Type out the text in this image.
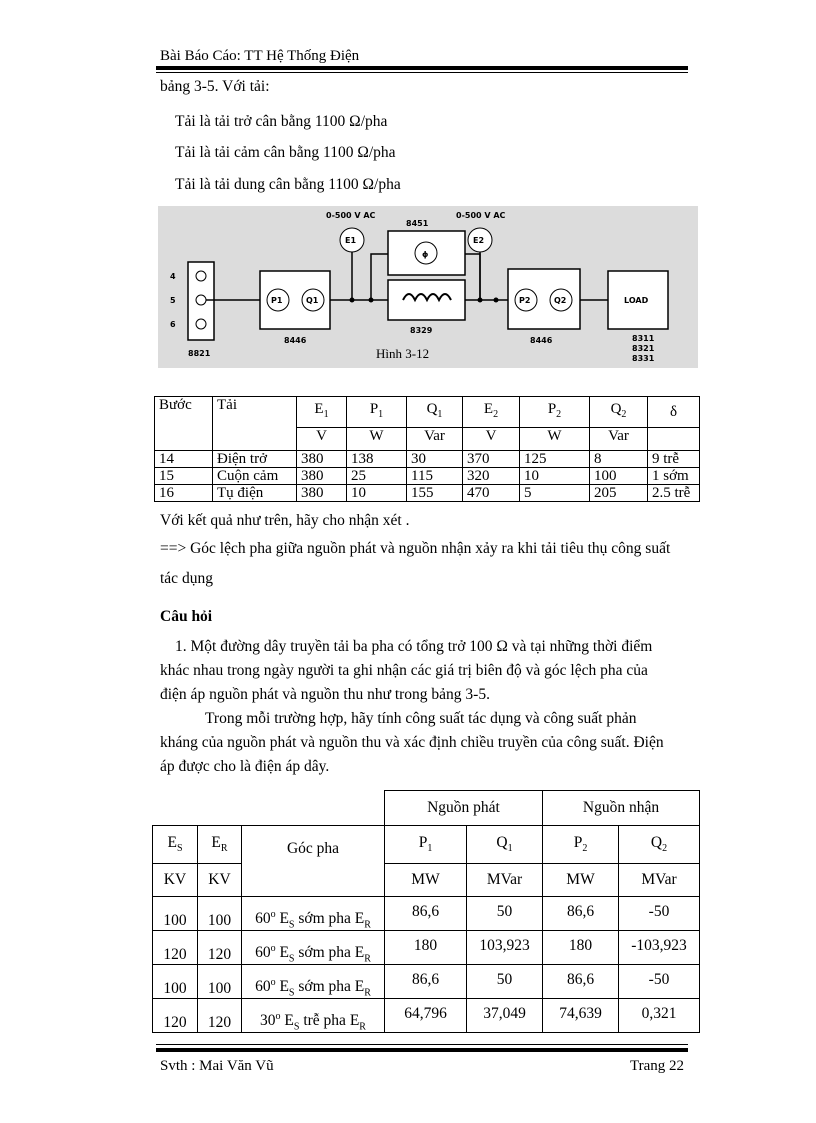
Bài Báo Cáo: TT Hệ Thống Điện
bảng 3-5. Với tải:
Tải là tải trở cân bằng 1100 Ω/pha
Tải là tải cảm cân bằng 1100 Ω/pha
Tải là tải dung cân bằng 1100 Ω/pha
4
5
6
8821
P1	Q1
8446
0-500 V AC
E1
ϕ
8451
8329
0-500 V AC
E2
P2	Q2
8446
LOAD
8311
8321
8331
Hình 3-12
Bước	Tải	$E_1$	$P_1$	$Q_1$	$E_2$	$P_2$	$Q_2$	δ
		V	W	Var	V	W	Var	
14	Điện trở	380	138	30	370	125	8	9 trễ
15	Cuộn cảm	380	25	115	320	10	100	1 sớm
16	Tụ điện	380	10	155	470	5	205	2.5 trễ
Với kết quả như trên, hãy cho nhận xét .
==> Góc lệch pha giữa nguồn phát và nguồn nhận xảy ra khi tải tiêu thụ công suất
tác dụng
Câu hỏi
1. Một đường dây truyền tải ba pha có tổng trở 100 Ω và tại những thời điểm
khác nhau trong ngày người ta ghi nhận các giá trị biên độ và góc lệch pha của
điện áp nguồn phát và nguồn thu như trong bảng 3-5.
Trong mỗi trường hợp, hãy tính công suất tác dụng và công suất phản
kháng của nguồn phát và nguồn thu và xác định chiều truyền của công suất. Điện
áp được cho là điện áp dây.
			Nguồn phát		Nguồn nhận	
$E_S$	$E_R$	Góc pha	$P_1$	$Q_1$	$P_2$	$Q_2$
KV	KV		MW	MVar	MW	MVar
100	100	60$^o$ $E_S$ sớm pha $E_R$	86,6	50	86,6	-50
120	120	60$^o$ $E_S$ sớm pha $E_R$	180	103,923	180	-103,923
100	100	60$^o$ $E_S$ sớm pha $E_R$	86,6	50	86,6	-50
120	120	30$^o$ $E_S$ trễ pha $E_R$	64,796	37,049	74,639	0,321
Svth : Mai Văn Vũ	Trang 22
